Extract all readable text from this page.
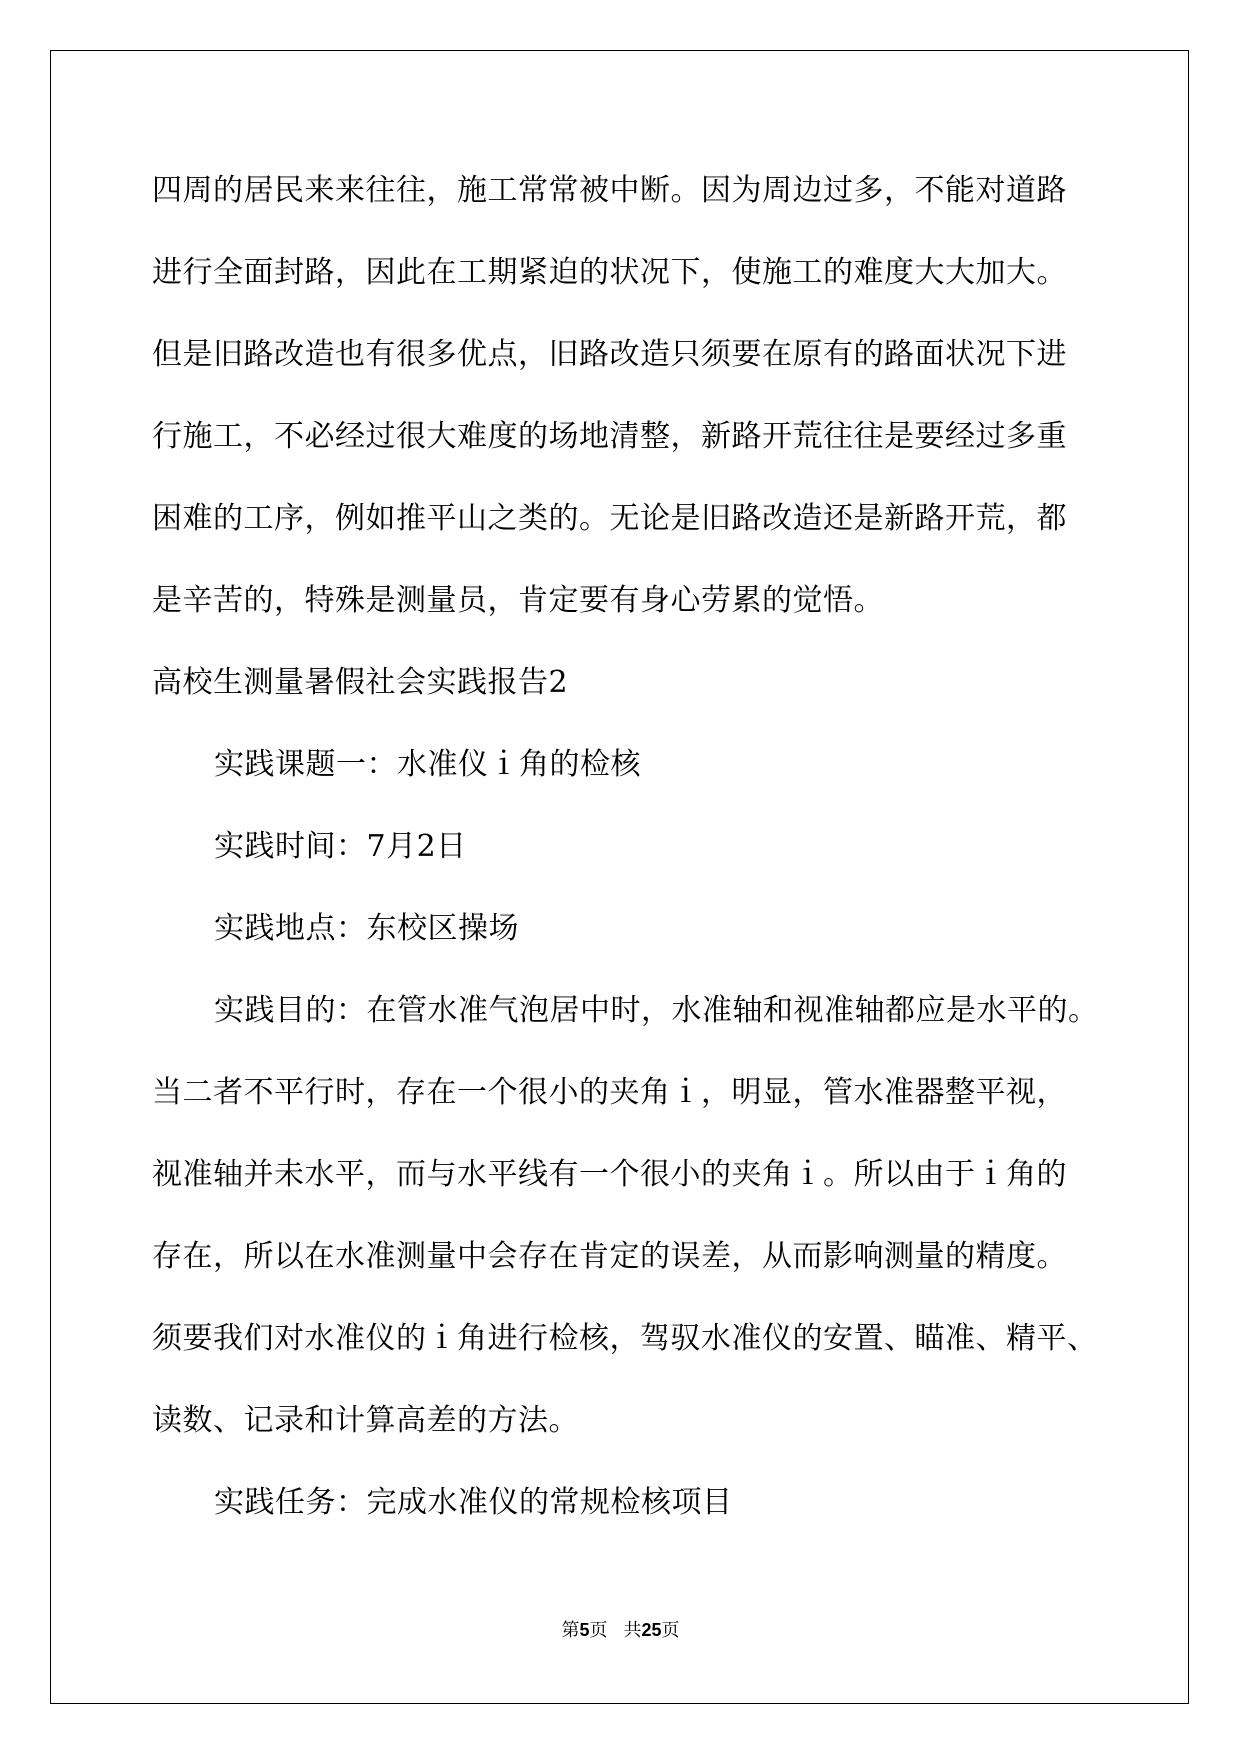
四周的居民来来往往，施工常常被中断。因为周边过多，不能对道路
进行全面封路，因此在工期紧迫的状况下，使施工的难度大大加大。
但是旧路改造也有很多优点，旧路改造只须要在原有的路面状况下进
行施工，不必经过很大难度的场地清整，新路开荒往往是要经过多重
困难的工序，例如推平山之类的。无论是旧路改造还是新路开荒，都
是辛苦的，特殊是测量员，肯定要有身心劳累的觉悟。
高校生测量暑假社会实践报告2
实践课题一：水准仪ｉ角的检核
实践时间：7月2日
实践地点：东校区操场
实践目的：在管水准气泡居中时，水准轴和视准轴都应是水平的。
当二者不平行时，存在一个很小的夹角ｉ，明显，管水准器整平视，
视准轴并未水平，而与水平线有一个很小的夹角ｉ。所以由于ｉ角的
存在，所以在水准测量中会存在肯定的误差，从而影响测量的精度。
须要我们对水准仪的ｉ角进行检核，驾驭水准仪的安置、瞄准、精平、
读数、记录和计算高差的方法。
实践任务：完成水准仪的常规检核项目
第5页 共25页
